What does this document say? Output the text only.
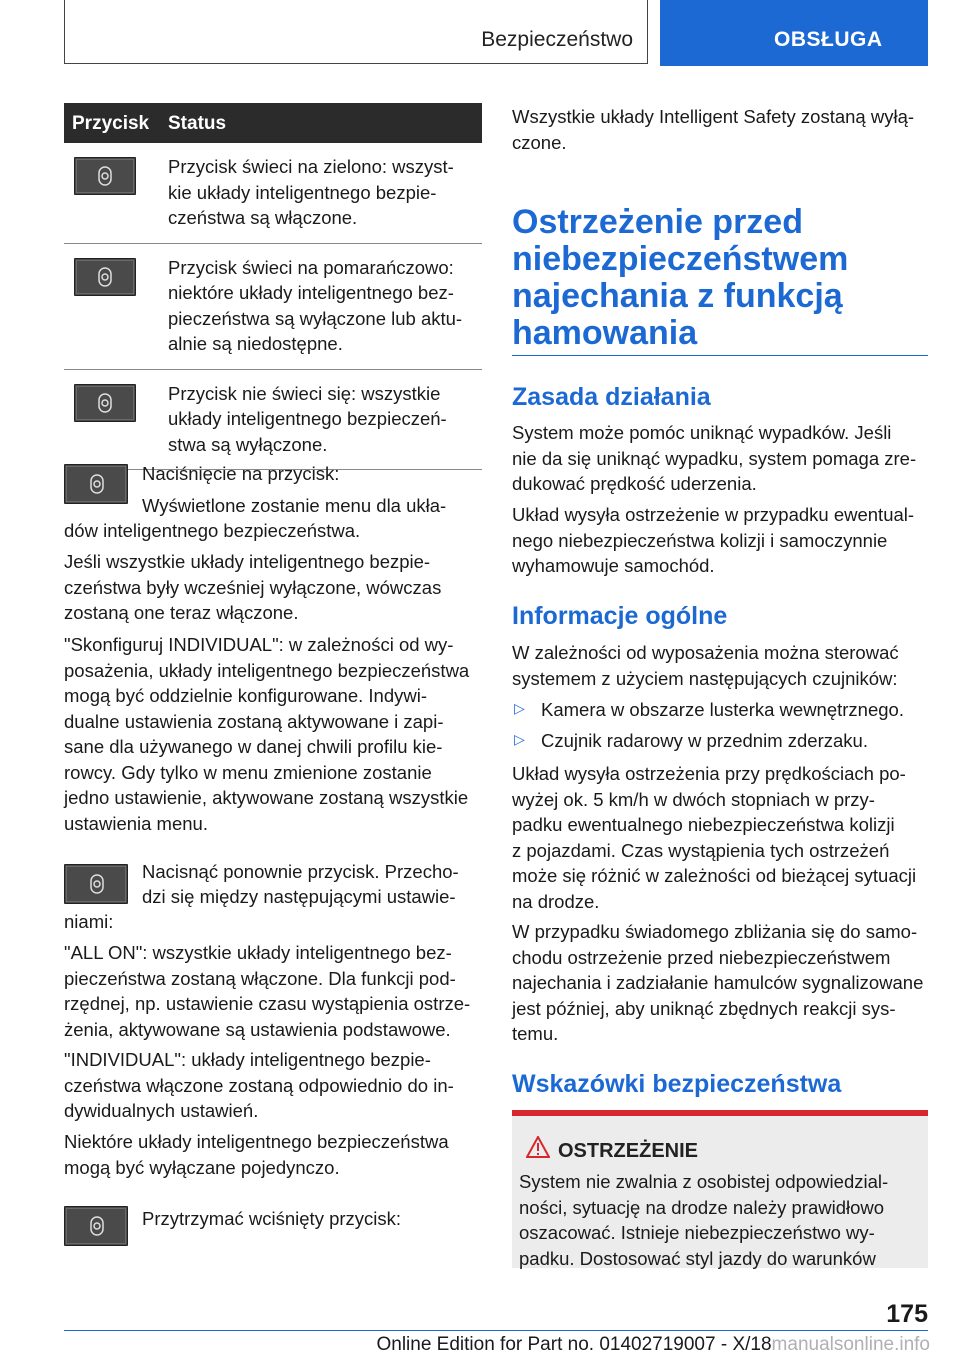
Bezpieczeństwo	OBSŁUGA
Przycisk Status
Przycisk świeci na zielono: wszyst-
kie układy inteligentnego bezpie-
czeństwa są włączone.
Przycisk świeci na pomarańczowo:
niektóre układy inteligentnego bez-
pieczeństwa są wyłączone lub aktu-
alnie są niedostępne.
Przycisk nie świeci się: wszystkie
układy inteligentnego bezpieczeń-
stwa są wyłączone.
Naciśnięcie na przycisk:
Wyświetlone zostanie menu dla ukła-
dów inteligentnego bezpieczeństwa.
Jeśli wszystkie układy inteligentnego bezpie-
czeństwa były wcześniej wyłączone, wówczas
zostaną one teraz włączone.
"Skonfiguruj INDIVIDUAL": w zależności od wy-
posażenia, układy inteligentnego bezpieczeństwa
mogą być oddzielnie konfigurowane. Indywi-
dualne ustawienia zostaną aktywowane i zapi-
sane dla używanego w danej chwili profilu kie-
rowcy. Gdy tylko w menu zmienione zostanie
jedno ustawienie, aktywowane zostaną wszystkie
ustawienia menu.
Nacisnąć ponownie przycisk. Przecho-
dzi się między następującymi ustawie-
niami:
"ALL ON": wszystkie układy inteligentnego bez-
pieczeństwa zostaną włączone. Dla funkcji pod-
rzędnej, np. ustawienie czasu wystąpienia ostrze-
żenia, aktywowane są ustawienia podstawowe.
"INDIVIDUAL": układy inteligentnego bezpie-
czeństwa włączone zostaną odpowiednio do in-
dywidualnych ustawień.
Niektóre układy inteligentnego bezpieczeństwa
mogą być wyłączane pojedynczo.
Przytrzymać wciśnięty przycisk:
Wszystkie układy Intelligent Safety zostaną wyłą-
czone.
Ostrzeżenie przed
niebezpieczeństwem
najechania z funkcją
hamowania
Zasada działania
System może pomóc uniknąć wypadków. Jeśli
nie da się uniknąć wypadku, system pomaga zre-
dukować prędkość uderzenia.
Układ wysyła ostrzeżenie w przypadku ewentual-
nego niebezpieczeństwa kolizji i samoczynnie
wyhamowuje samochód.
Informacje ogólne
W zależności od wyposażenia można sterować
systemem z użyciem następujących czujników:
▷ Kamera w obszarze lusterka wewnętrznego.
▷ Czujnik radarowy w przednim zderzaku.
Układ wysyła ostrzeżenia przy prędkościach po-
wyżej ok. 5 km/h w dwóch stopniach w przy-
padku ewentualnego niebezpieczeństwa kolizji
z pojazdami. Czas wystąpienia tych ostrzeżeń
może się różnić w zależności od bieżącej sytuacji
na drodze.
W przypadku świadomego zbliżania się do samo-
chodu ostrzeżenie przed niebezpieczeństwem
najechania i zadziałanie hamulców sygnalizowane
jest później, aby uniknąć zbędnych reakcji sys-
temu.
Wskazówki bezpieczeństwa
OSTRZEŻENIE
System nie zwalnia z osobistej odpowiedzial-
ności, sytuację na drodze należy prawidłowo
oszacować. Istnieje niebezpieczeństwo wy-
padku. Dostosować styl jazdy do warunków
175
Online Edition for Part no. 01402719007 - X/18manualsonline.info
